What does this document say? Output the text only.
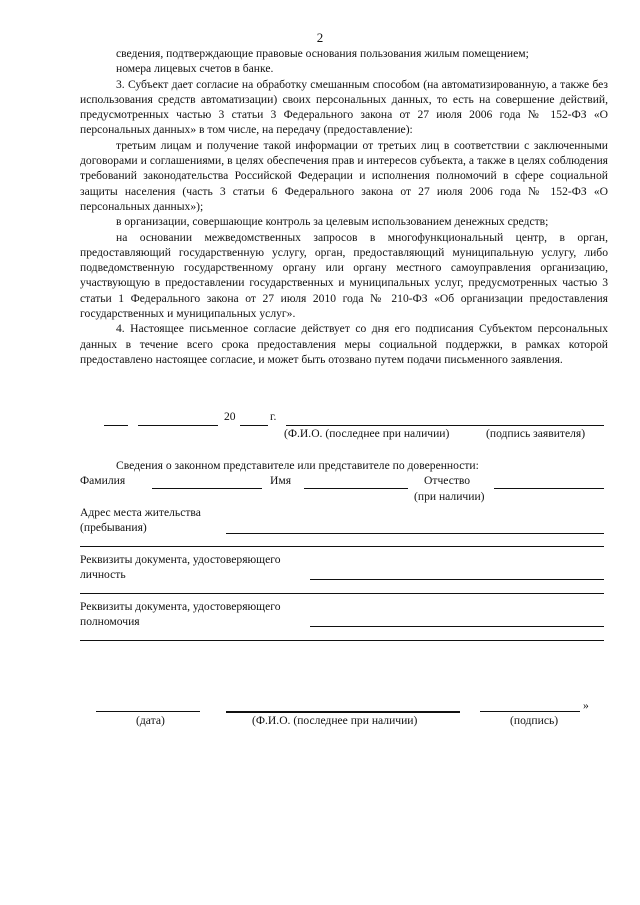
2

сведения, подтверждающие правовые основания пользования жилым помещением;

номера лицевых счетов в банке.

3. Субъект дает согласие на обработку смешанным способом (на автоматизированную, а также без использования средств автоматизации) своих персональных данных, то есть на совершение действий, предусмотренных частью 3 статьи 3 Федерального закона от 27 июля 2006 года № 152-ФЗ «О персональных данных» в том числе, на передачу (предоставление):

третьим лицам и получение такой информации от третьих лиц в соответствии с заключенными договорами и соглашениями, в целях обеспечения прав и интересов субъекта, а также в целях соблюдения требований законодательства Российской Федерации и исполнения полномочий в сфере социальной защиты населения (часть 3 статьи 6 Федерального закона от 27 июля 2006 года № 152-ФЗ «О персональных данных»);

в организации, совершающие контроль за целевым использованием денежных средств;

на основании межведомственных запросов в многофункциональный центр, в орган, предоставляющий государственную услугу, орган, предоставляющий муниципальную услугу, либо подведомственную государственному органу или органу местного самоуправления организацию, участвующую в предоставлении государственных и муниципальных услуг, предусмотренных частью 3 статьи 1 Федерального закона от 27 июля 2010 года № 210-ФЗ «Об организации предоставления государственных и муниципальных услуг».

4. Настоящее письменное согласие действует со дня его подписания Субъектом персональных данных в течение всего срока предоставления меры социальной поддержки, в рамках которой предоставлено настоящее согласие, и может быть отозвано путем подачи письменного заявления.

20	г.
(Ф.И.О. (последнее при наличии)	(подпись заявителя)
Сведения о законном представителе или представителе по доверенности:
Фамилия	Имя	Отчество
(при наличии)
Адрес места жительства (пребывания)
Реквизиты документа, удостоверяющего личность
Реквизиты документа, удостоверяющего полномочия
(дата)	(Ф.И.О. (последнее при наличии)
»
(подпись)
